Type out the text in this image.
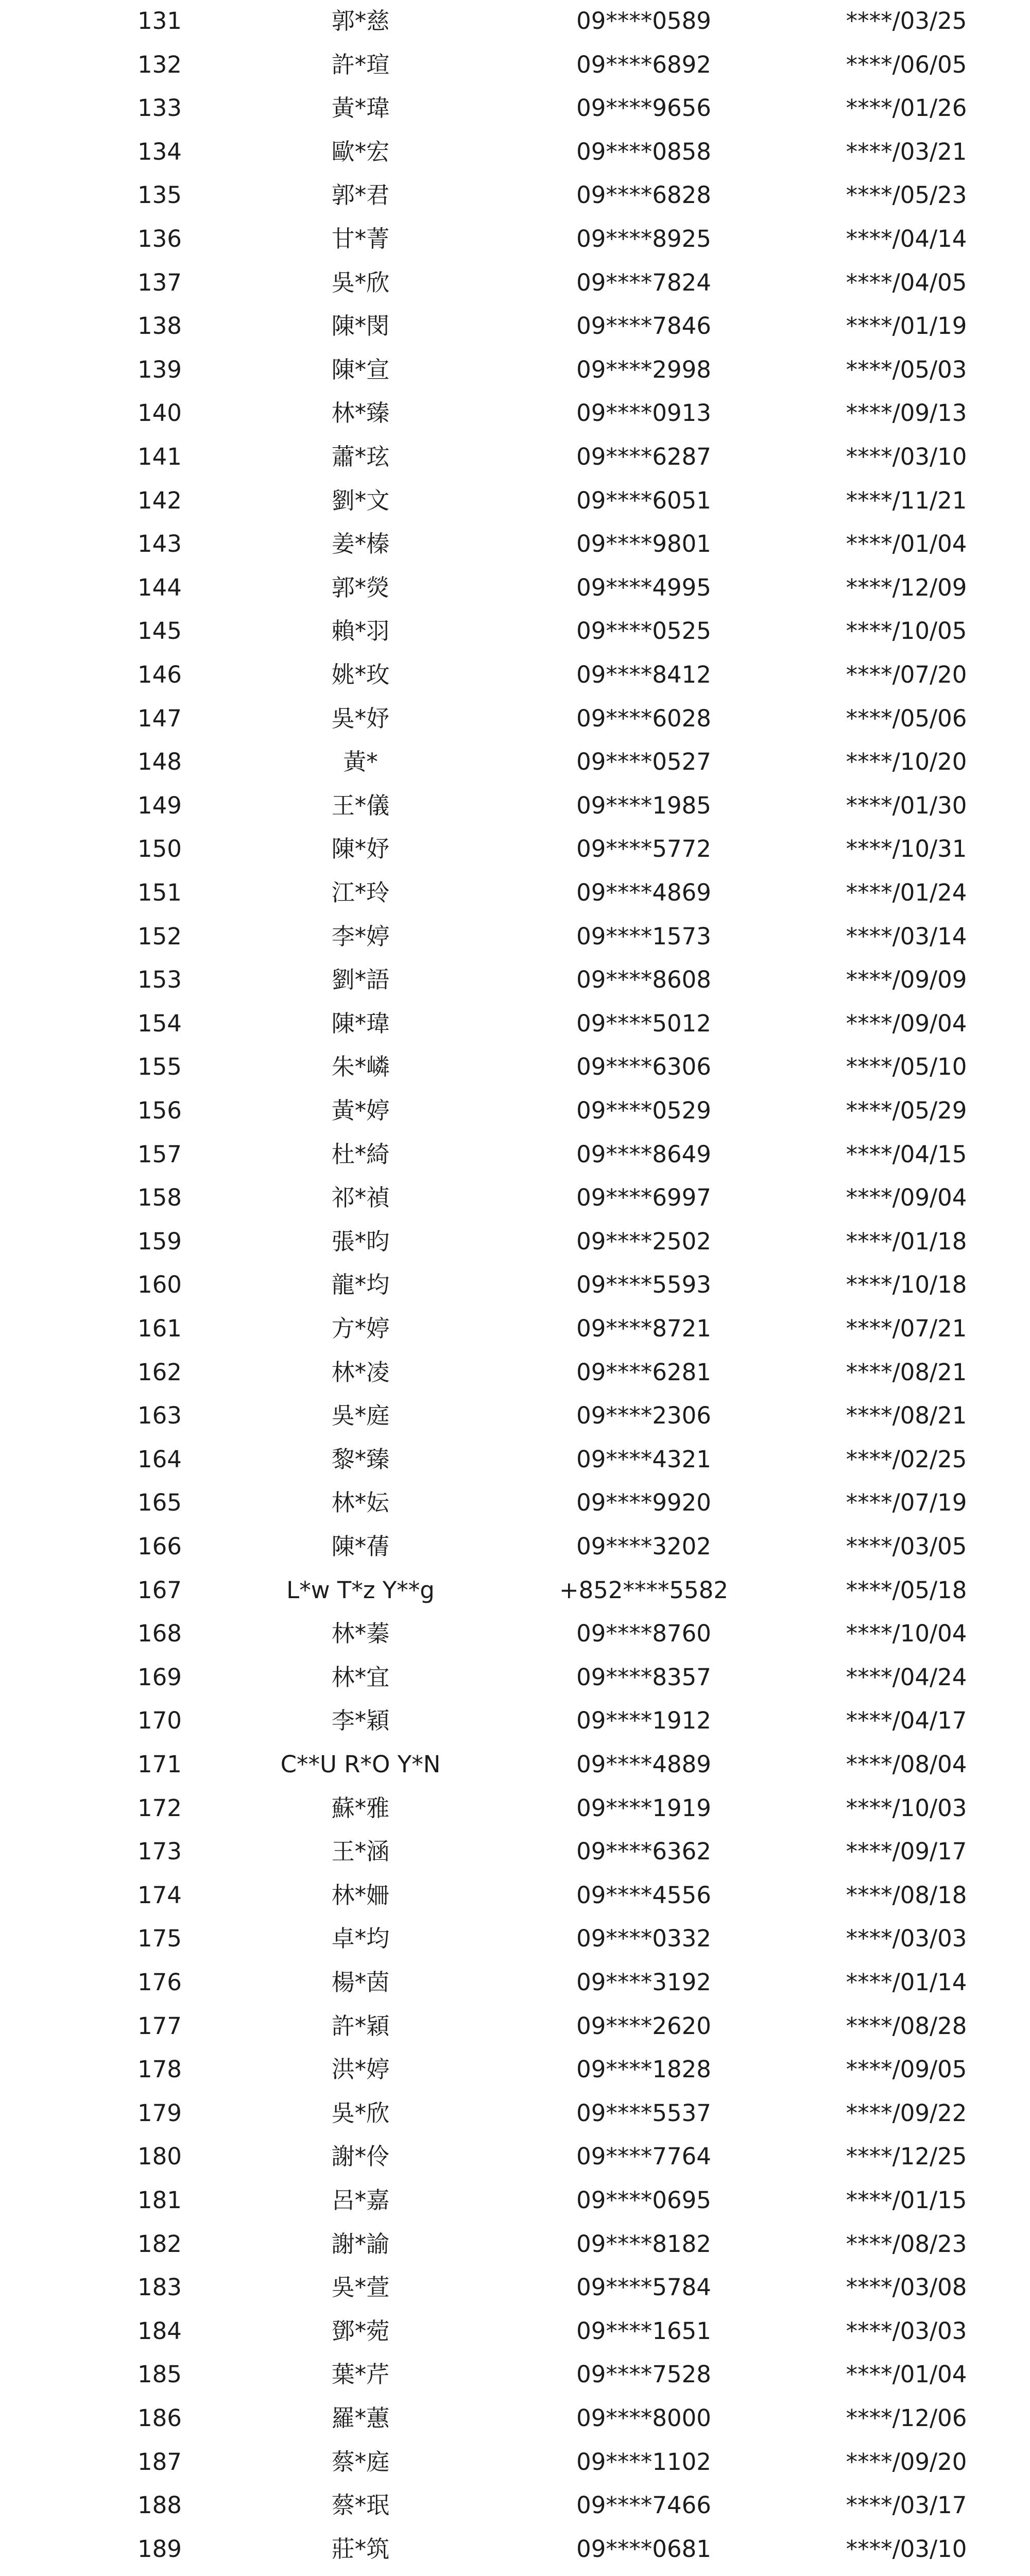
131	郭*慈	09****0589	****/03/25
132	許*瑄	09****6892	****/06/05
133	黃*瑋	09****9656	****/01/26
134	歐*宏	09****0858	****/03/21
135	郭*君	09****6828	****/05/23
136	甘*菁	09****8925	****/04/14
137	吳*欣	09****7824	****/04/05
138	陳*閔	09****7846	****/01/19
139	陳*宣	09****2998	****/05/03
140	林*臻	09****0913	****/09/13
141	蕭*玹	09****6287	****/03/10
142	劉*文	09****6051	****/11/21
143	姜*榛	09****9801	****/01/04
144	郭*熒	09****4995	****/12/09
145	賴*羽	09****0525	****/10/05
146	姚*玫	09****8412	****/07/20
147	吳*妤	09****6028	****/05/06
148	黃*	09****0527	****/10/20
149	王*儀	09****1985	****/01/30
150	陳*妤	09****5772	****/10/31
151	江*玲	09****4869	****/01/24
152	李*婷	09****1573	****/03/14
153	劉*語	09****8608	****/09/09
154	陳*瑋	09****5012	****/09/04
155	朱*嶙	09****6306	****/05/10
156	黃*婷	09****0529	****/05/29
157	杜*綺	09****8649	****/04/15
158	祁*禎	09****6997	****/09/04
159	張*昀	09****2502	****/01/18
160	龍*均	09****5593	****/10/18
161	方*婷	09****8721	****/07/21
162	林*凌	09****6281	****/08/21
163	吳*庭	09****2306	****/08/21
164	黎*臻	09****4321	****/02/25
165	林*妘	09****9920	****/07/19
166	陳*蒨	09****3202	****/03/05
167	L*w T*z Y**g	+852****5582	****/05/18
168	林*蓁	09****8760	****/10/04
169	林*宜	09****8357	****/04/24
170	李*穎	09****1912	****/04/17
171	C**U R*O Y*N	09****4889	****/08/04
172	蘇*雅	09****1919	****/10/03
173	王*涵	09****6362	****/09/17
174	林*姍	09****4556	****/08/18
175	卓*均	09****0332	****/03/03
176	楊*茵	09****3192	****/01/14
177	許*穎	09****2620	****/08/28
178	洪*婷	09****1828	****/09/05
179	吳*欣	09****5537	****/09/22
180	謝*伶	09****7764	****/12/25
181	呂*嘉	09****0695	****/01/15
182	謝*諭	09****8182	****/08/23
183	吳*萱	09****5784	****/03/08
184	鄧*菀	09****1651	****/03/03
185	葉*芹	09****7528	****/01/04
186	羅*蕙	09****8000	****/12/06
187	蔡*庭	09****1102	****/09/20
188	蔡*珉	09****7466	****/03/17
189	莊*筑	09****0681	****/03/10
